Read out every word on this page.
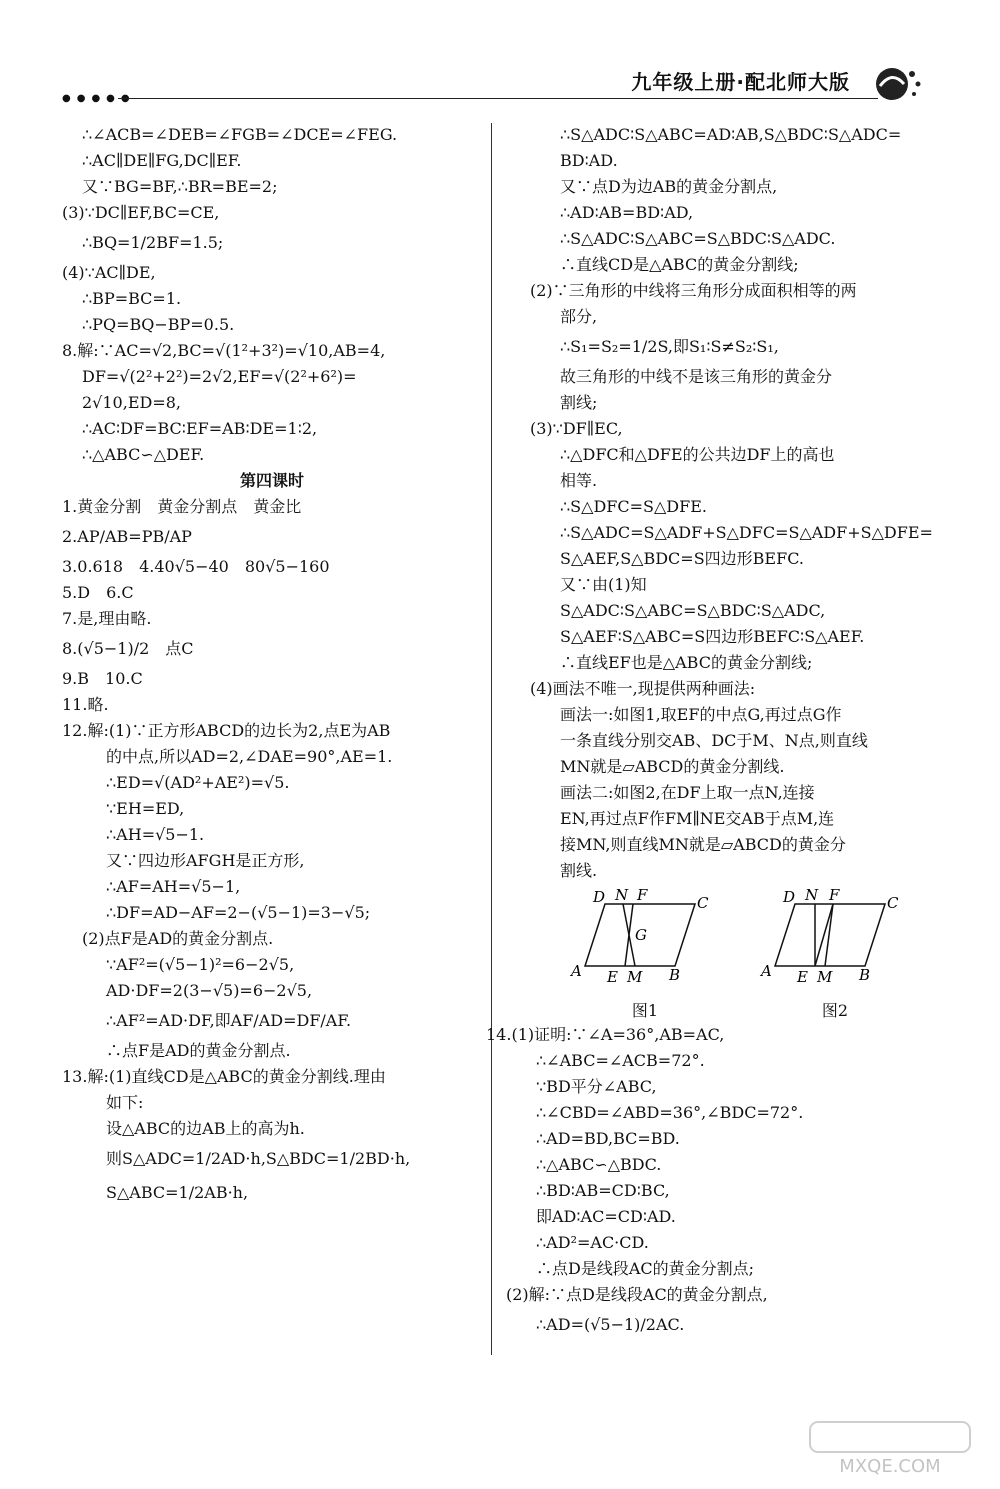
●●●●●
九年级上册·配北师大版
∴∠ACB=∠DEB=∠FGB=∠DCE=∠FEG.
∴AC∥DE∥FG,DC∥EF.
又∵BG=BF,∴BR=BE=2;
(3)∵DC∥EF,BC=CE,
∴BQ=1/2BF=1.5;
(4)∵AC∥DE,
∴BP=BC=1.
∴PQ=BQ−BP=0.5.
8.解:∵AC=√2,BC=√(1²+3²)=√10,AB=4,
DF=√(2²+2²)=2√2,EF=√(2²+6²)=
2√10,ED=8,
∴AC∶DF=BC∶EF=AB∶DE=1∶2,
∴△ABC∽△DEF.
第四课时
1.黄金分割　黄金分割点　黄金比
2.AP/AB=PB/AP
3.0.618　4.40√5−40　80√5−160
5.D　6.C
7.是,理由略.
8.(√5−1)/2　点C
9.B　10.C
11.略.
12.解:(1)∵正方形ABCD的边长为2,点E为AB
的中点,所以AD=2,∠DAE=90°,AE=1.
∴ED=√(AD²+AE²)=√5.
∵EH=ED,
∴AH=√5−1.
又∵四边形AFGH是正方形,
∴AF=AH=√5−1,
∴DF=AD−AF=2−(√5−1)=3−√5;
(2)点F是AD的黄金分割点.
∵AF²=(√5−1)²=6−2√5,
AD·DF=2(3−√5)=6−2√5,
∴AF²=AD·DF,即AF/AD=DF/AF.
∴点F是AD的黄金分割点.
13.解:(1)直线CD是△ABC的黄金分割线.理由
如下:
设△ABC的边AB上的高为h.
则S△ADC=1/2AD·h,S△BDC=1/2BD·h,
S△ABC=1/2AB·h,
∴S△ADC∶S△ABC=AD∶AB,S△BDC∶S△ADC=
BD∶AD.
又∵点D为边AB的黄金分割点,
∴AD∶AB=BD∶AD,
∴S△ADC∶S△ABC=S△BDC∶S△ADC.
∴直线CD是△ABC的黄金分割线;
(2)∵三角形的中线将三角形分成面积相等的两
部分,
∴S₁=S₂=1/2S,即S₁∶S≠S₂∶S₁,
故三角形的中线不是该三角形的黄金分
割线;
(3)∵DF∥EC,
∴△DFC和△DFE的公共边DF上的高也
相等.
∴S△DFC=S△DFE.
∴S△ADC=S△ADF+S△DFC=S△ADF+S△DFE=
S△AEF,S△BDC=S四边形BEFC.
又∵由(1)知
S△ADC∶S△ABC=S△BDC∶S△ADC,
S△AEF∶S△ABC=S四边形BEFC∶S△AEF.
∴直线EF也是△ABC的黄金分割线;
(4)画法不唯一,现提供两种画法:
画法一:如图1,取EF的中点G,再过点G作
一条直线分别交AB、DC于M、N点,则直线
MN就是▱ABCD的黄金分割线.
画法二:如图2,在DF上取一点N,连接
EN,再过点F作FM∥NE交AB于点M,连
接MN,则直线MN就是▱ABCD的黄金分
割线.
D N F	C
G
A E M B
图1
D N F	C
A E M B
图2
14.(1)证明:∵∠A=36°,AB=AC,
∴∠ABC=∠ACB=72°.
∵BD平分∠ABC,
∴∠CBD=∠ABD=36°,∠BDC=72°.
∴AD=BD,BC=BD.
∴△ABC∽△BDC.
∴BD∶AB=CD∶BC,
即AD∶AC=CD∶AD.
∴AD²=AC·CD.
∴点D是线段AC的黄金分割点;
(2)解:∵点D是线段AC的黄金分割点,
∴AD=(√5−1)/2AC.
MXQE.COM
